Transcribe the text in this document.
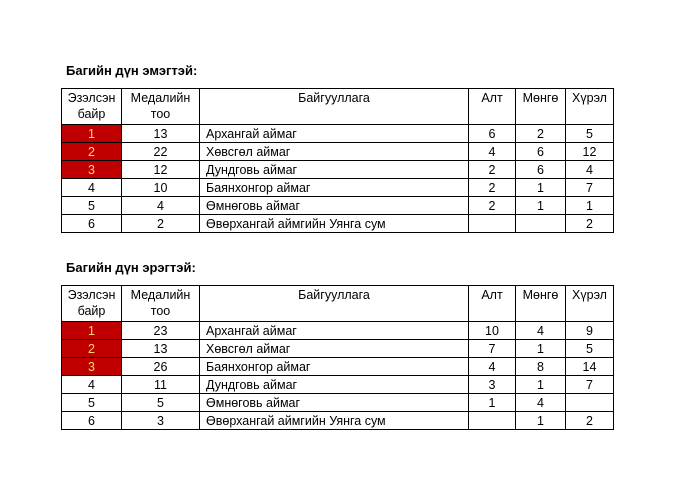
Багийн дүн эмэгтэй:
Эзэлсэн байр	Медалийн тоо	Байгууллага	Алт	Мөнгө	Хүрэл
1	13	Архангай аймаг	6	2	5
2	22	Хөвсгөл аймаг	4	6	12
3	12	Дундговь аймаг	2	6	4
4	10	Баянхонгор аймаг	2	1	7
5	4	Өмнөговь аймаг	2	1	1
6	2	Өвөрхангай аймгийн Уянга сум			2
Багийн дүн эрэгтэй:
Эзэлсэн байр	Медалийн тоо	Байгууллага	Алт	Мөнгө	Хүрэл
1	23	Архангай аймаг	10	4	9
2	13	Хөвсгөл аймаг	7	1	5
3	26	Баянхонгор аймаг	4	8	14
4	11	Дундговь аймаг	3	1	7
5	5	Өмнөговь аймаг	1	4	
6	3	Өвөрхангай аймгийн Уянга сум		1	2
